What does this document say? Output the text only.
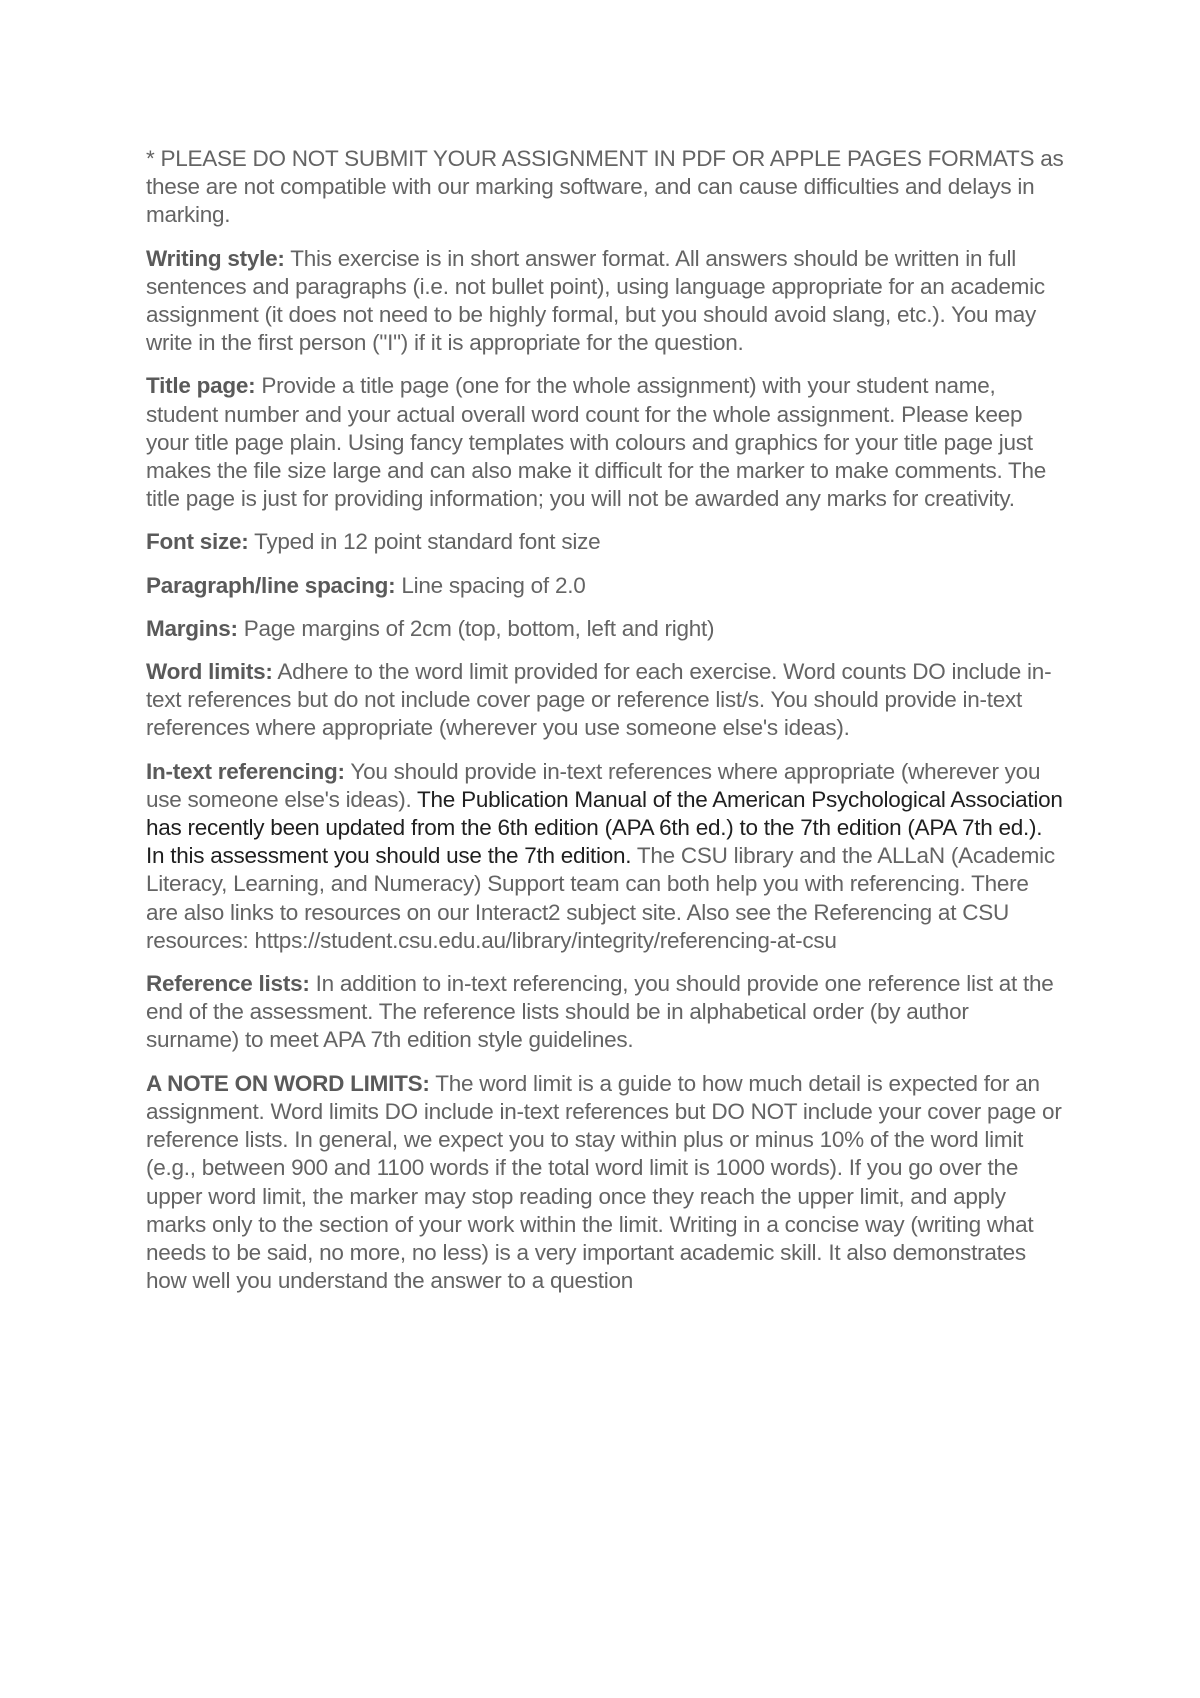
* PLEASE DO NOT SUBMIT YOUR ASSIGNMENT IN PDF OR APPLE PAGES FORMATS as these are not compatible with our marking software, and can cause difficulties and delays in marking.

Writing style: This exercise is in short answer format. All answers should be written in full sentences and paragraphs (i.e. not bullet point), using language appropriate for an academic assignment (it does not need to be highly formal, but you should avoid slang, etc.). You may write in the first person ("I") if it is appropriate for the question.

Title page: Provide a title page (one for the whole assignment) with your student name, student number and your actual overall word count for the whole assignment. Please keep your title page plain. Using fancy templates with colours and graphics for your title page just makes the file size large and can also make it difficult for the marker to make comments. The title page is just for providing information; you will not be awarded any marks for creativity.

Font size: Typed in 12 point standard font size

Paragraph/line spacing: Line spacing of 2.0

Margins: Page margins of 2cm (top, bottom, left and right)

Word limits: Adhere to the word limit provided for each exercise. Word counts DO include in-text references but do not include cover page or reference list/s. You should provide in-text references where appropriate (wherever you use someone else's ideas).

In-text referencing: You should provide in-text references where appropriate (wherever you use someone else's ideas). The Publication Manual of the American Psychological Association has recently been updated from the 6th edition (APA 6th ed.) to the 7th edition (APA 7th ed.). In this assessment you should use the 7th edition. The CSU library and the ALLaN (Academic Literacy, Learning, and Numeracy) Support team can both help you with referencing. There are also links to resources on our Interact2 subject site. Also see the Referencing at CSU resources: https://student.csu.edu.au/library/integrity/referencing-at-csu

Reference lists: In addition to in-text referencing, you should provide one reference list at the end of the assessment. The reference lists should be in alphabetical order (by author surname) to meet APA 7th edition style guidelines.

A NOTE ON WORD LIMITS: The word limit is a guide to how much detail is expected for an assignment. Word limits DO include in-text references but DO NOT include your cover page or reference lists. In general, we expect you to stay within plus or minus 10% of the word limit (e.g., between 900 and 1100 words if the total word limit is 1000 words). If you go over the upper word limit, the marker may stop reading once they reach the upper limit, and apply marks only to the section of your work within the limit. Writing in a concise way (writing what needs to be said, no more, no less) is a very important academic skill. It also demonstrates how well you understand the answer to a question
